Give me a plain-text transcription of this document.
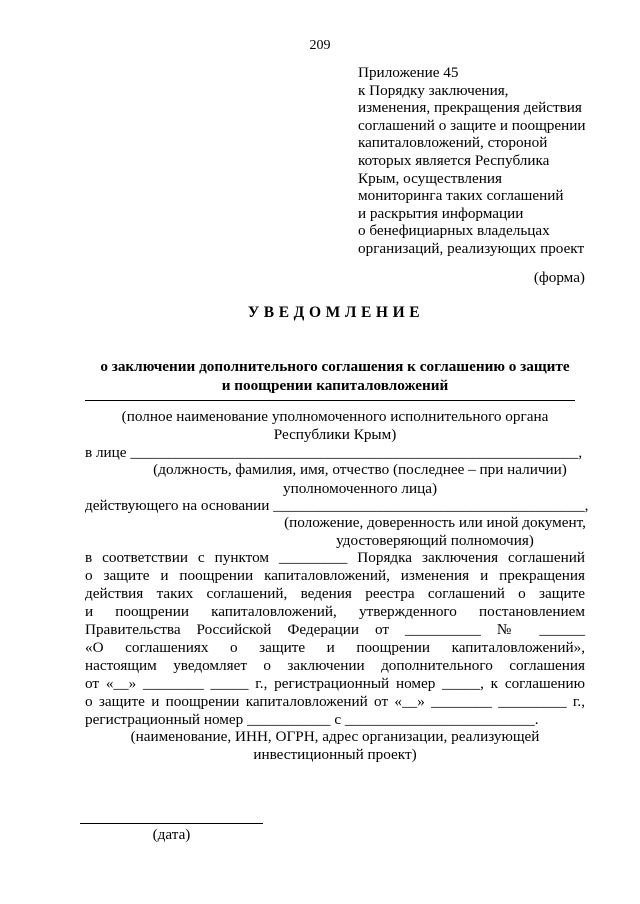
209
Приложение 45
к Порядку заключения,
изменения, прекращения действия
соглашений о защите и поощрении
капиталовложений, стороной
которых является Республика
Крым, осуществления
мониторинга таких соглашений
и раскрытия информации
о бенефициарных владельцах
организаций, реализующих проект
(форма)
УВЕДОМЛЕНИЕ
о заключении дополнительного соглашения к соглашению о защите
и поощрении капиталовложений
(полное наименование уполномоченного исполнительного органа
Республики Крым)
в лице ___________________________________________________________,
(должность, фамилия, имя, отчество (последнее – при наличии)
уполномоченного лица)
действующего на основании _________________________________________,
(положение, доверенность или иной документ,
удостоверяющий полномочия)
в соответствии с пунктом _________ Порядка заключения соглашений
о защите и поощрении капиталовложений, изменения и прекращения
действия таких соглашений, ведения реестра соглашений о защите
и поощрении капиталовложений, утвержденного постановлением
Правительства Российской Федерации от __________ № ______
«О соглашениях о защите и поощрении капиталовложений»,
настоящим уведомляет о заключении дополнительного соглашения
от «__» ________ _____ г., регистрационный номер _____, к соглашению
о защите и поощрении капиталовложений от «__» ________ _________ г.,
регистрационный номер ___________ с _________________________.
(наименование, ИНН, ОГРН, адрес организации, реализующей
инвестиционный проект)
(дата)
